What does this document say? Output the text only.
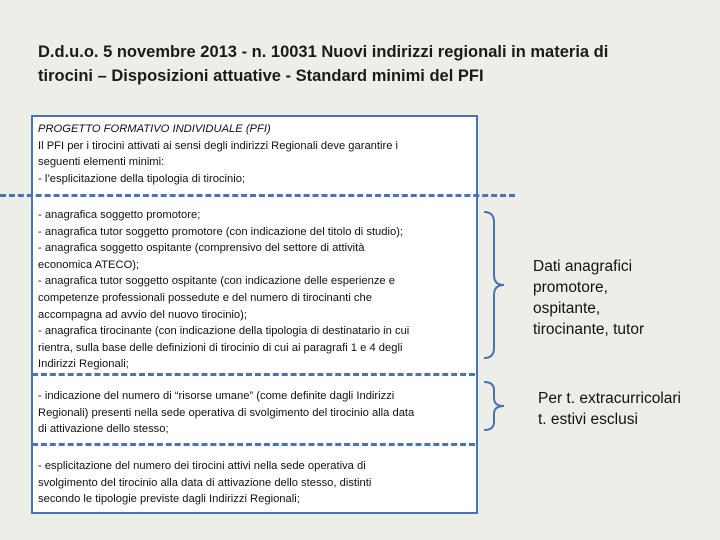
D.d.u.o. 5 novembre 2013 - n. 10031 Nuovi indirizzi regionali in materia di
tirocini – Disposizioni attuative - Standard minimi del PFI
PROGETTO FORMATIVO INDIVIDUALE (PFI)
Il PFI per i tirocini attivati ai sensi degli indirizzi Regionali deve garantire i
seguenti elementi minimi:
- l’esplicitazione della tipologia di tirocinio;
- anagrafica soggetto promotore;
- anagrafica tutor soggetto promotore (con indicazione del titolo di studio);
- anagrafica soggetto ospitante (comprensivo del settore di attività
economica ATECO);
- anagrafica tutor soggetto ospitante (con indicazione delle esperienze e
competenze professionali possedute e del numero di tirocinanti che
accompagna ad avvio del nuovo tirocinio);
- anagrafica tirocinante (con indicazione della tipologia di destinatario in cui
rientra, sulla base delle definizioni di tirocinio di cui ai paragrafi 1 e 4 degli
Indirizzi Regionali;
- indicazione del numero di “risorse umane” (come definite dagli Indirizzi
Regionali) presenti nella sede operativa di svolgimento del tirocinio alla data
di attivazione dello stesso;
- esplicitazione del numero dei tirocini attivi nella sede operativa di
svolgimento del tirocinio alla data di attivazione dello stesso, distinti
secondo le tipologie previste dagli Indirizzi Regionali;
Dati anagrafici
promotore,
ospitante,
tirocinante, tutor
Per t. extracurricolari
t. estivi esclusi
